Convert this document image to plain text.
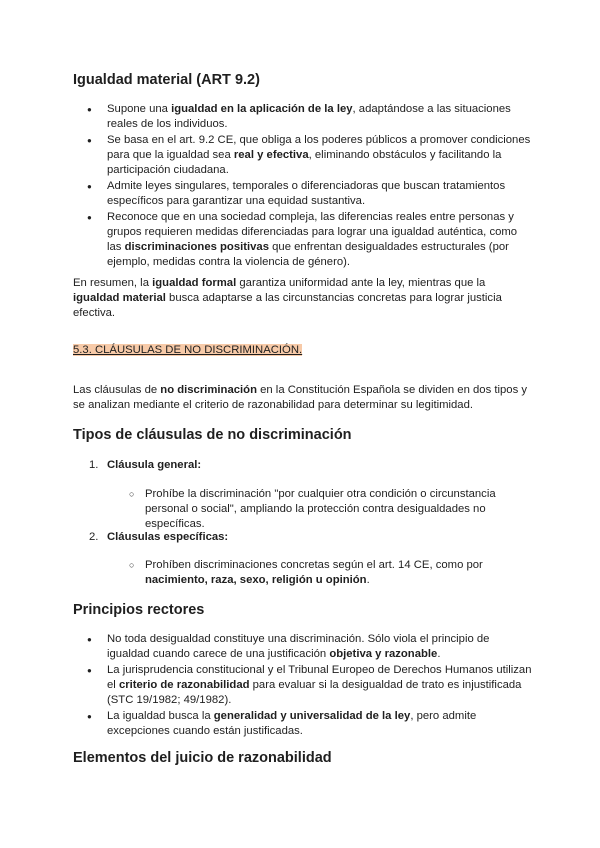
Igualdad material (ART 9.2)
● Supone una igualdad en la aplicación de la ley, adaptándose a las situaciones reales de los individuos.
● Se basa en el art. 9.2 CE, que obliga a los poderes públicos a promover condiciones para que la igualdad sea real y efectiva, eliminando obstáculos y facilitando la participación ciudadana.
● Admite leyes singulares, temporales o diferenciadoras que buscan tratamientos específicos para garantizar una equidad sustantiva.
● Reconoce que en una sociedad compleja, las diferencias reales entre personas y grupos requieren medidas diferenciadas para lograr una igualdad auténtica, como las discriminaciones positivas que enfrentan desigualdades estructurales (por ejemplo, medidas contra la violencia de género).

En resumen, la igualdad formal garantiza uniformidad ante la ley, mientras que la igualdad material busca adaptarse a las circunstancias concretas para lograr justicia efectiva.

5.3. CLÁUSULAS DE NO DISCRIMINACIÓN.

Las cláusulas de no discriminación en la Constitución Española se dividen en dos tipos y se analizan mediante el criterio de razonabilidad para determinar su legitimidad.

Tipos de cláusulas de no discriminación
1. Cláusula general:
○ Prohíbe la discriminación "por cualquier otra condición o circunstancia personal o social", ampliando la protección contra desigualdades no específicas.
2. Cláusulas específicas:
○ Prohíben discriminaciones concretas según el art. 14 CE, como por nacimiento, raza, sexo, religión u opinión.
Principios rectores
● No toda desigualdad constituye una discriminación. Sólo viola el principio de igualdad cuando carece de una justificación objetiva y razonable.
● La jurisprudencia constitucional y el Tribunal Europeo de Derechos Humanos utilizan el criterio de razonabilidad para evaluar si la desigualdad de trato es injustificada (STC 19/1982; 49/1982).
● La igualdad busca la generalidad y universalidad de la ley, pero admite excepciones cuando están justificadas.
Elementos del juicio de razonabilidad
